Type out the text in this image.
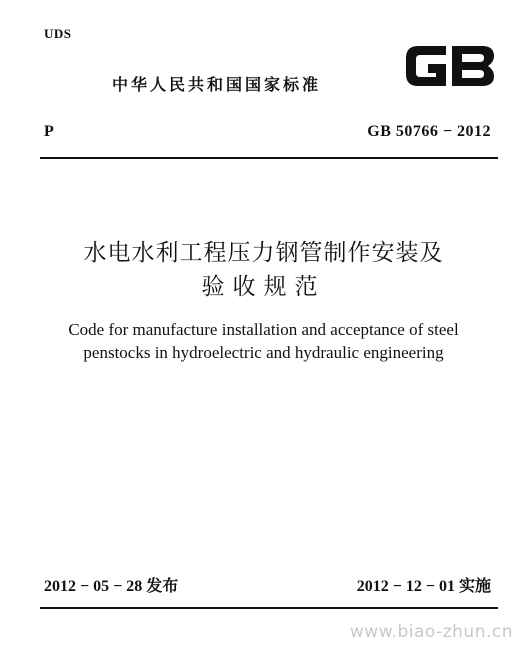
UDS
中华人民共和国国家标准
P	GB 50766 − 2012
水电水利工程压力钢管制作安装及
验收规范
Code for manufacture installation and acceptance of steel
penstocks in hydroelectric and hydraulic engineering
2012 − 05 − 28 发布	2012 − 12 − 01 实施
www.biao-zhun.cn
